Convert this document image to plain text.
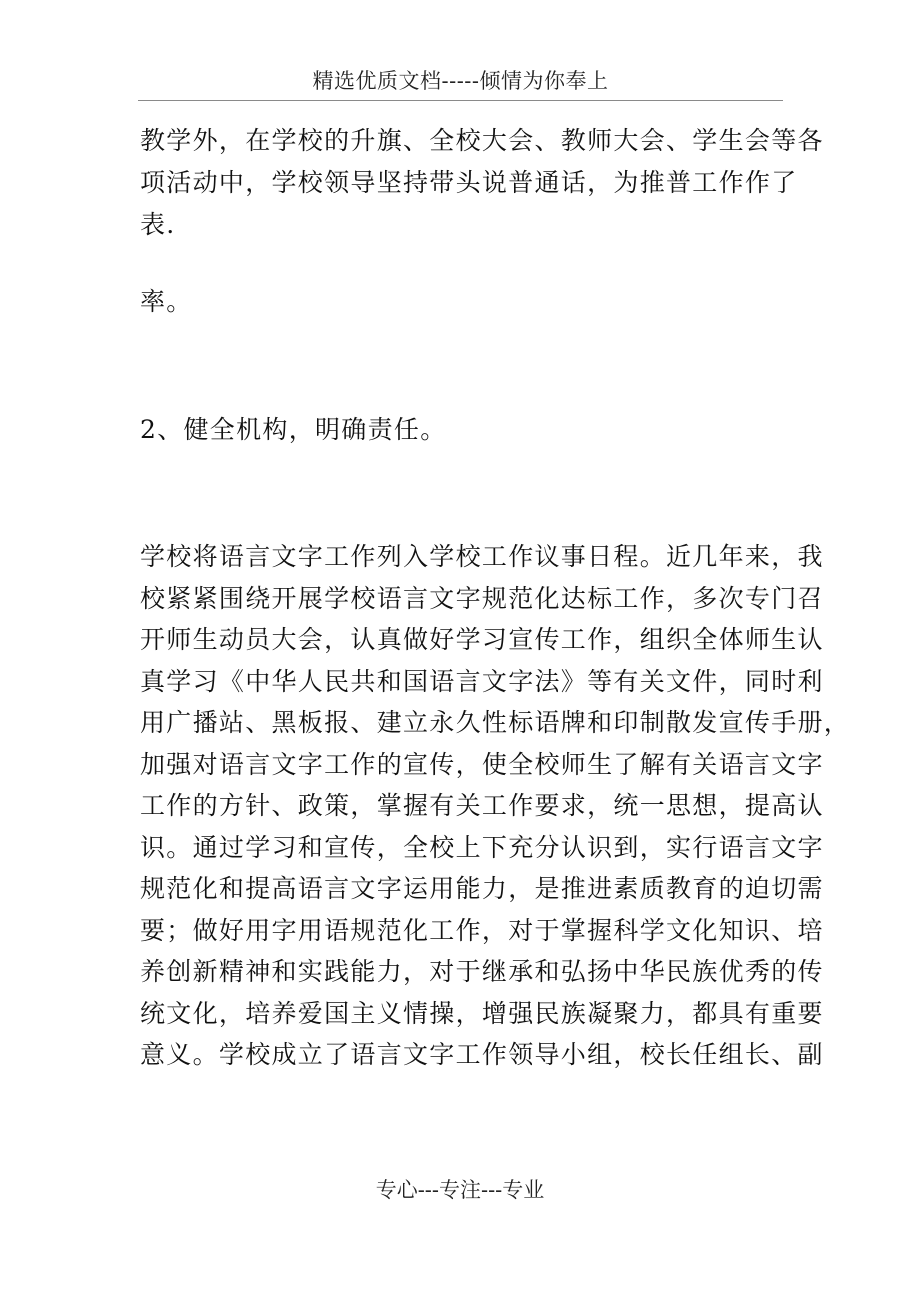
精选优质文档-----倾情为你奉上
教学外，在学校的升旗、全校大会、教师大会、学生会等各
项活动中，学校领导坚持带头说普通话，为推普工作作了
表.
率。
2、健全机构，明确责任。
学校将语言文字工作列入学校工作议事日程。近几年来，我
校紧紧围绕开展学校语言文字规范化达标工作，多次专门召
开师生动员大会，认真做好学习宣传工作，组织全体师生认
真学习《中华人民共和国语言文字法》等有关文件，同时利
用广播站、黑板报、建立永久性标语牌和印制散发宣传手册，
加强对语言文字工作的宣传，使全校师生了解有关语言文字
工作的方针、政策，掌握有关工作要求，统一思想，提高认
识。通过学习和宣传，全校上下充分认识到，实行语言文字
规范化和提高语言文字运用能力，是推进素质教育的迫切需
要；做好用字用语规范化工作，对于掌握科学文化知识、培
养创新精神和实践能力，对于继承和弘扬中华民族优秀的传
统文化，培养爱国主义情操，增强民族凝聚力，都具有重要
意义。学校成立了语言文字工作领导小组，校长任组长、副
专心---专注---专业
